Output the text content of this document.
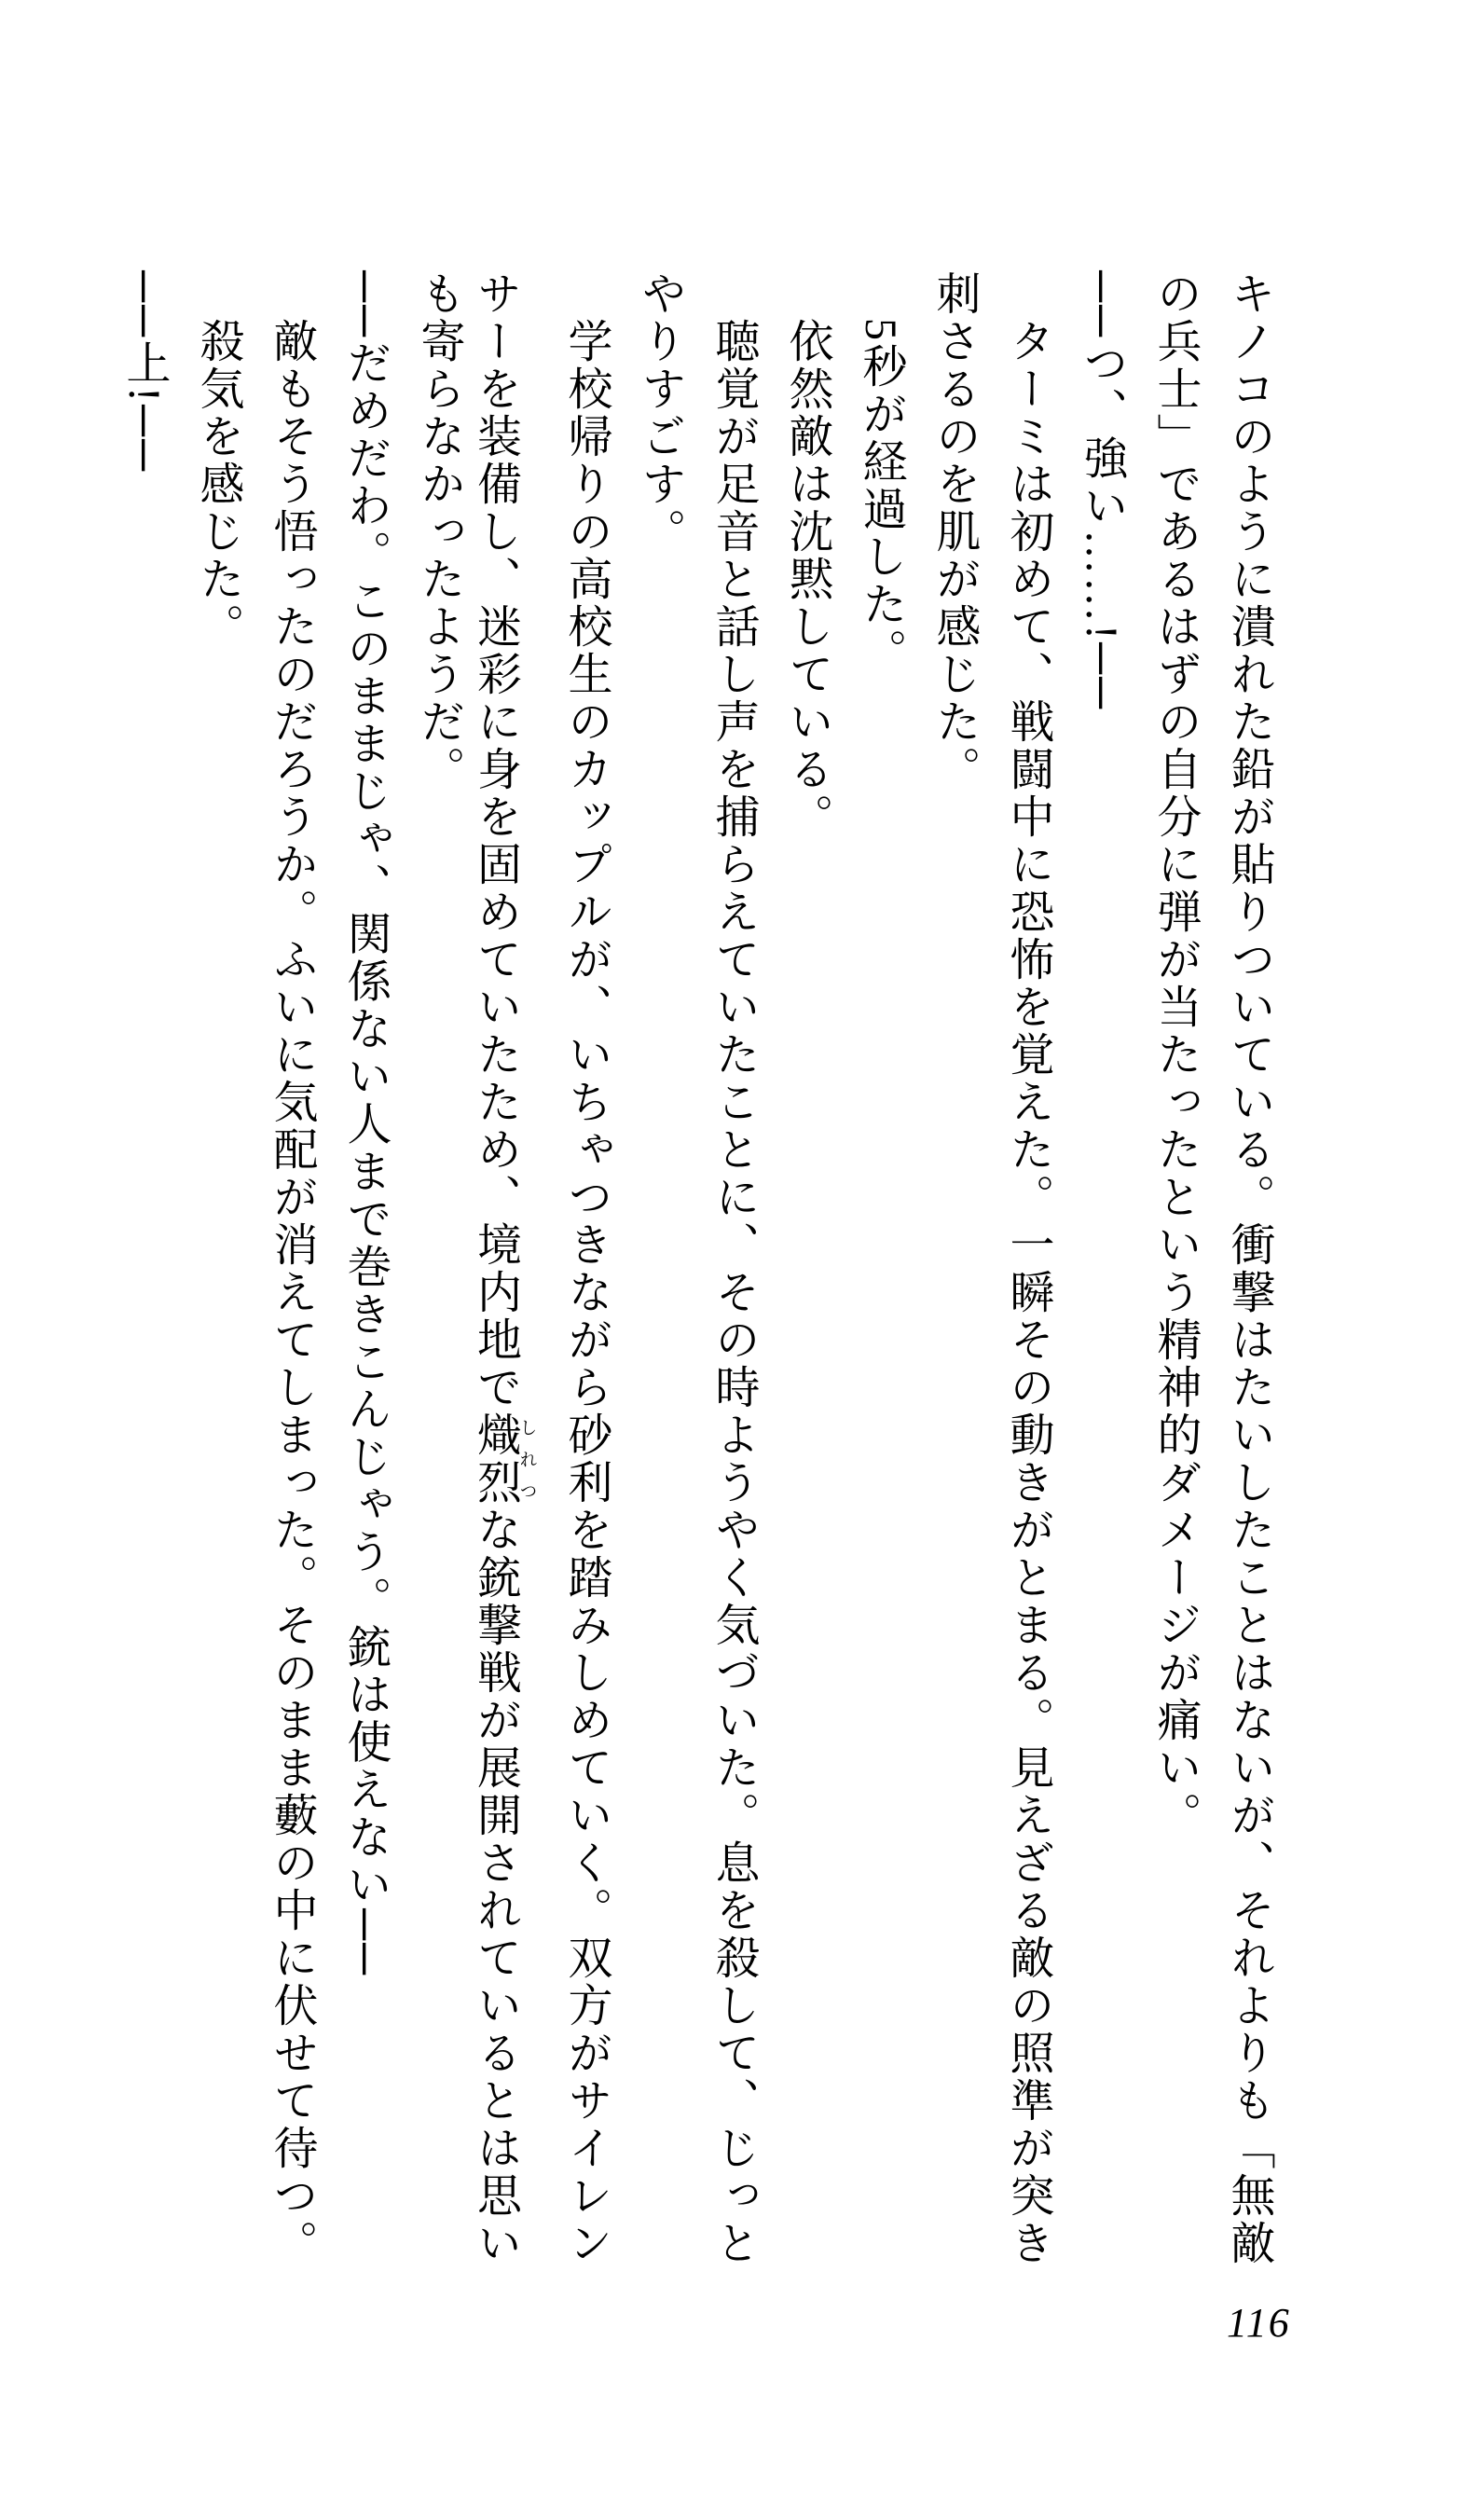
キノコのように潰れた鉛が貼りついている。衝撃はたいしたことはないが、それよりも「無敵
の兵士」であるはずの自分に弾が当たったという精神的ダメージが痛い。
──つ、強い……!──
ターミは初めて、戦闘中に恐怖を覚えた。一瞬その動きがとまる。見えざる敵の照準が突き
刺さるのを肌が感じた。
5秒が経過した。
依然敵は沈黙している。
聴覚が足音と話し声を捕らえていたことに、その時ようやく気づいた。息を殺して、じっと
やりすごす。
学校帰りの高校生のカップルが、いちゃつきながら砂利を踏みしめていく。双方がサイレン
サーを装備し、迷彩に身を固めていたため、境内地で熾烈しれつな銃撃戦が展開されているとは思い
も寄らなかったようだ。
──だめだわ。このままじゃ、関係ない人まで巻きこんじゃう。銃は使えない──
敵もそう悟ったのだろうか。ふいに気配が消えてしまった。そのまま藪の中に伏せて待つ。
殺気を感じた。
──上!──
116
